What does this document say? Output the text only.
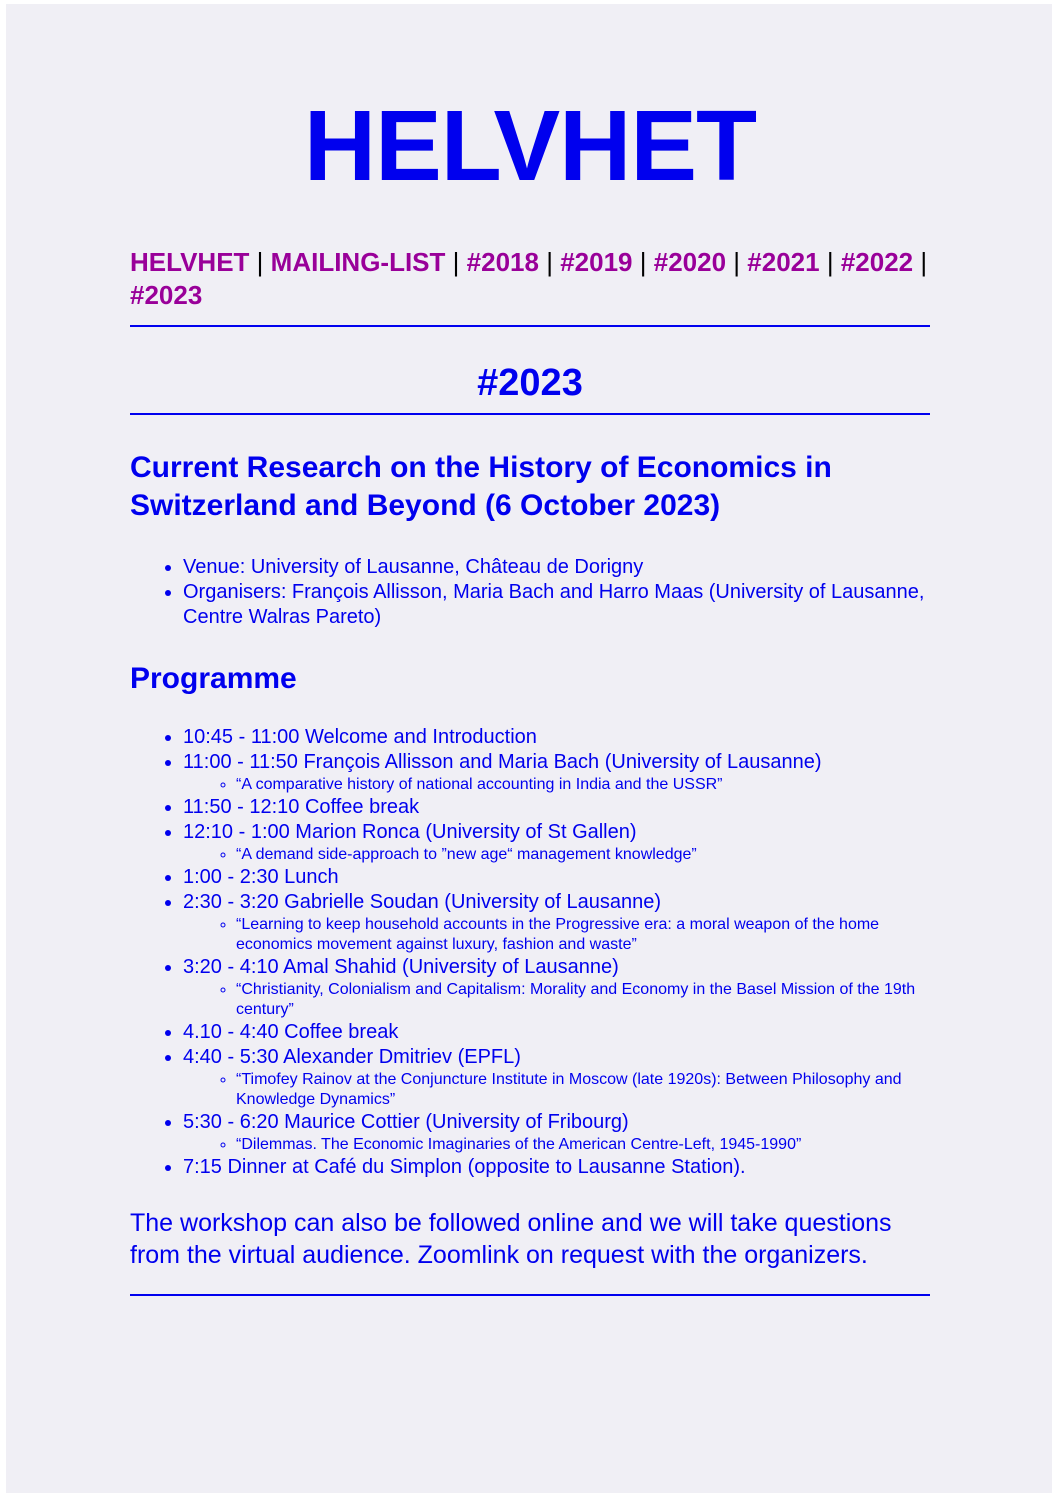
HELVHET
HELVHET | MAILING-LIST | #2018 | #2019 | #2020 | #2021 | #2022 | #2023
#2023
Current Research on the History of Economics in Switzerland and Beyond (6 October 2023)
• Venue: University of Lausanne, Château de Dorigny
• Organisers: François Allisson, Maria Bach and Harro Maas (University of Lausanne, Centre Walras Pareto)
Programme
• 10:45 - 11:00 Welcome and Introduction
• 11:00 - 11:50 François Allisson and Maria Bach (University of Lausanne)
◦ “A comparative history of national accounting in India and the USSR”
• 11:50 - 12:10 Coffee break
• 12:10 - 1:00 Marion Ronca (University of St Gallen)
◦ “A demand side-approach to ”new age“ management knowledge”
• 1:00 - 2:30 Lunch
• 2:30 - 3:20 Gabrielle Soudan (University of Lausanne)
◦ “Learning to keep household accounts in the Progressive era: a moral weapon of the home economics movement against luxury, fashion and waste”
• 3:20 - 4:10 Amal Shahid (University of Lausanne)
◦ “Christianity, Colonialism and Capitalism: Morality and Economy in the Basel Mission of the 19th century”
• 4.10 - 4:40 Coffee break
• 4:40 - 5:30 Alexander Dmitriev (EPFL)
◦ “Timofey Rainov at the Conjuncture Institute in Moscow (late 1920s): Between Philosophy and Knowledge Dynamics”
• 5:30 - 6:20 Maurice Cottier (University of Fribourg)
◦ “Dilemmas. The Economic Imaginaries of the American Centre-Left, 1945-1990”
• 7:15 Dinner at Café du Simplon (opposite to Lausanne Station).

The workshop can also be followed online and we will take questions from the virtual audience. Zoomlink on request with the organizers.
